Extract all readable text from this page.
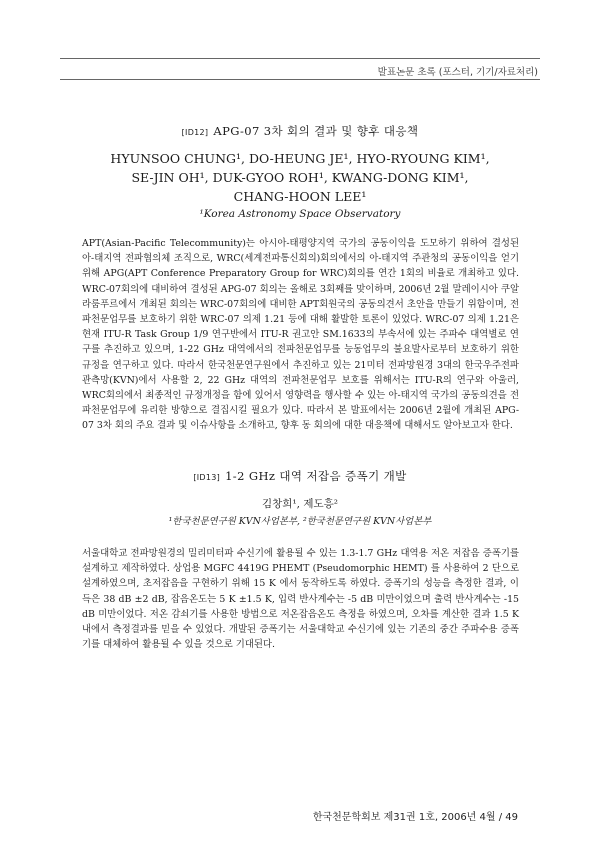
발표논문 초록 (포스터, 기기/자료처리)
[ID12] APG-07 3차 회의 결과 및 향후 대응책
HYUNSOO CHUNG¹, DO-HEUNG JE¹, HYO-RYOUNG KIM¹,
SE-JIN OH¹, DUK-GYOO ROH¹, KWANG-DONG KIM¹,
CHANG-HOON LEE¹
¹Korea Astronomy Space Observatory
APT(Asian-Pacific Telecommunity)는 아시아-태평양지역 국가의 공동이익을 도모하기 위하여 결성된 아-태지역 전파협의체 조직으로, WRC(세계전파통신회의)회의에서의 아-태지역 주관청의 공동이익을 얻기 위해 APG(APT Conference Preparatory Group for WRC)회의를 연간 1회의 비율로 개최하고 있다. WRC-07회의에 대비하여 결성된 APG-07 회의는 올해로 3회째를 맞이하며, 2006년 2월 말레이시아 쿠알라룸푸르에서 개최된 회의는 WRC-07회의에 대비한 APT회원국의 공동의견서 초안을 만들기 위함이며, 전파천문업무를 보호하기 위한 WRC-07 의제 1.21 등에 대해 활발한 토론이 있었다. WRC-07 의제 1.21은 현재 ITU-R Task Group 1/9 연구반에서 ITU-R 권고안 SM.1633의 부속서에 있는 주파수 대역별로 연구를 추진하고 있으며, 1-22 GHz 대역에서의 전파천문업무를 능동업무의 불요발사로부터 보호하기 위한 규정을 연구하고 있다. 따라서 한국천문연구원에서 추진하고 있는 21미터 전파망원경 3대의 한국우주전파관측망(KVN)에서 사용할 2, 22 GHz 대역의 전파천문업무 보호를 위해서는 ITU-R의 연구와 아울러, WRC회의에서 최종적인 규정개정을 함에 있어서 영향력을 행사할 수 있는 아-태지역 국가의 공동의견을 전파천문업무에 유리한 방향으로 결집시킬 필요가 있다. 따라서 본 발표에서는 2006년 2월에 개최된 APG-07 3차 회의 주요 결과 및 이슈사항을 소개하고, 향후 동 회의에 대한 대응책에 대해서도 알아보고자 한다.
[ID13] 1-2 GHz 대역 저잡음 증폭기 개발
김창희¹, 제도흥²
¹한국천문연구원 KVN사업본부, ²한국천문연구원 KVN사업본부
서울대학교 전파망원경의 밀리미터파 수신기에 활용될 수 있는 1.3-1.7 GHz 대역용 저온 저잡음 증폭기를 설계하고 제작하였다. 상업용 MGFC 4419G PHEMT (Pseudomorphic HEMT) 를 사용하여 2 단으로 설계하였으며, 초저잡음을 구현하기 위해 15 K 에서 동작하도록 하였다. 증폭기의 성능을 측정한 결과, 이득은 38 dB ±2 dB, 잡음온도는 5 K ±1.5 K, 입력 반사계수는 -5 dB 미만이었으며 출력 반사계수는 -15 dB 미만이었다. 저온 감쇠기를 사용한 방법으로 저온잡음온도 측정을 하였으며, 오차를 계산한 결과 1.5 K 내에서 측정결과를 믿을 수 있었다. 개발된 증폭기는 서울대학교 수신기에 있는 기존의 중간 주파수용 증폭기를 대체하여 활용될 수 있을 것으로 기대된다.
한국천문학회보 제31권 1호, 2006년 4월 / 49
